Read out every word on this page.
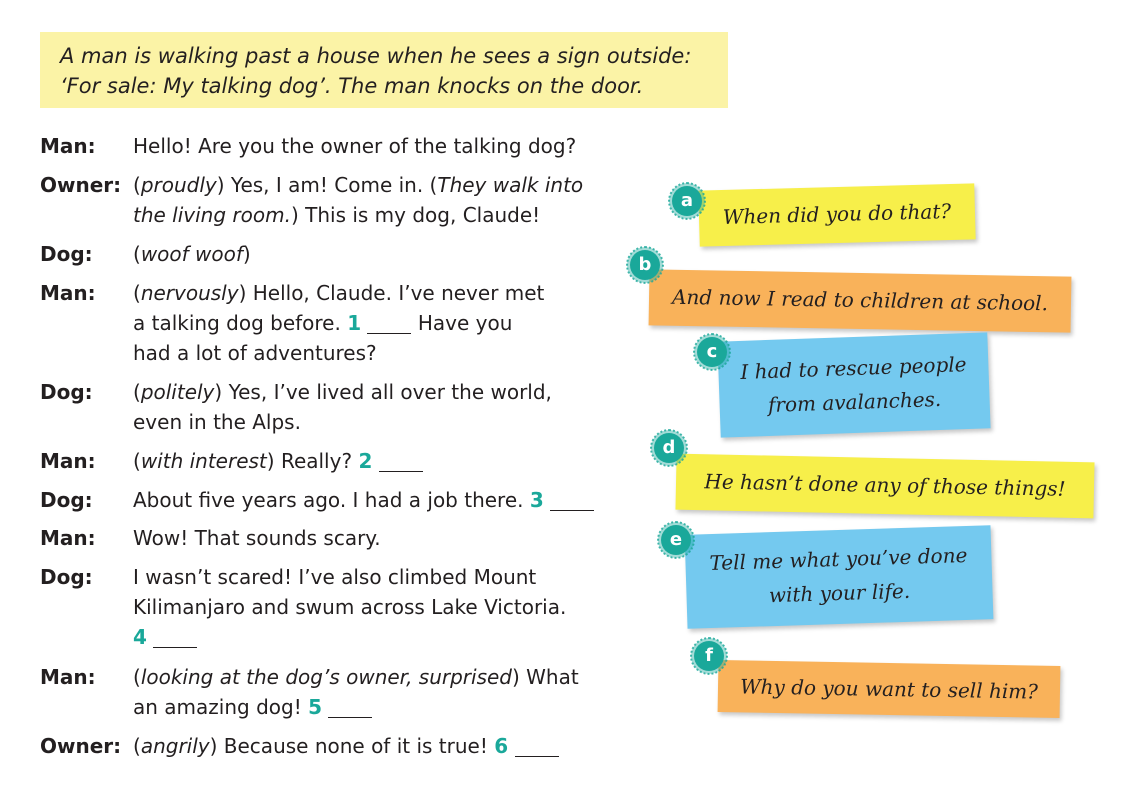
A man is walking past a house when he sees a sign outside:
‘For sale: My talking dog’. The man knocks on the door.
Man: Hello! Are you the owner of the talking dog?
Owner: (proudly) Yes, I am! Come in. (They walk into
the living room.) This is my dog, Claude!
Dog: (woof woof)
Man: (nervously) Hello, Claude. I’ve never met
a talking dog before. 1	Have you
had a lot of adventures?
Dog: (politely) Yes, I’ve lived all over the world,
even in the Alps.
Man: (with interest) Really? 2
Dog: About five years ago. I had a job there. 3
Man: Wow! That sounds scary.
Dog: I wasn’t scared! I’ve also climbed Mount
Kilimanjaro and swum across Lake Victoria.
4
Man: (looking at the dog’s owner, surprised) What
an amazing dog! 5
Owner: (angrily) Because none of it is true! 6
When did you do that?
a
And now I read to children at school.
b
I had to rescue people
from avalanches.
c
He hasn’t done any of those things!
d
Tell me what you’ve done
with your life.
e
Why do you want to sell him?
f
